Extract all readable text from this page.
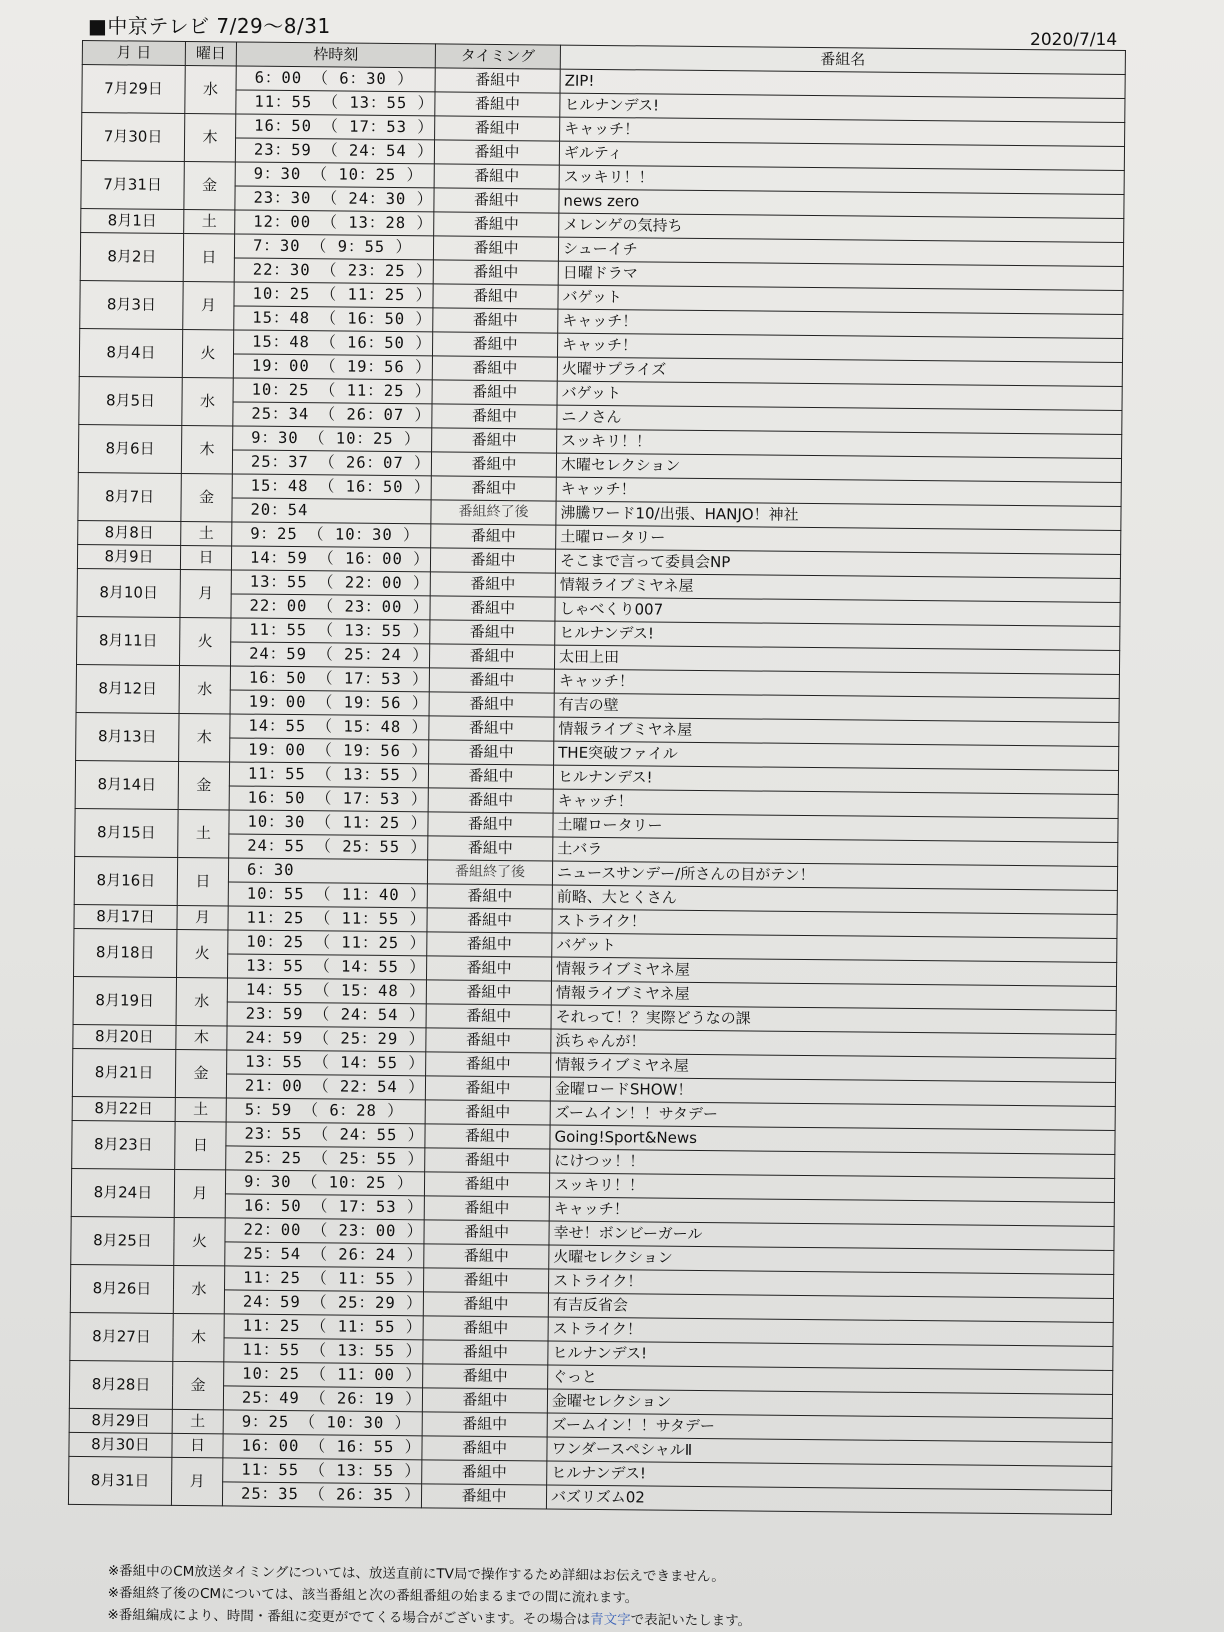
■中京テレビ 7/29～8/31
2020/7/14
月 日	曜日	枠時刻	タイミング	番組名
7月29日	水	6：00 （ 6：30 ）	番組中	ZIP!
		11：55 （ 13：55 ）	番組中	ヒルナンデス!
7月30日	木	16：50 （ 17：53 ）	番組中	キャッチ！
		23：59 （ 24：54 ）	番組中	ギルティ
7月31日	金	9：30 （ 10：25 ）	番組中	スッキリ！！
		23：30 （ 24：30 ）	番組中	news zero
8月1日	土	12：00 （ 13：28 ）	番組中	メレンゲの気持ち
8月2日	日	7：30 （ 9：55 ）	番組中	シューイチ
		22：30 （ 23：25 ）	番組中	日曜ドラマ
8月3日	月	10：25 （ 11：25 ）	番組中	バゲット
		15：48 （ 16：50 ）	番組中	キャッチ！
8月4日	火	15：48 （ 16：50 ）	番組中	キャッチ！
		19：00 （ 19：56 ）	番組中	火曜サプライズ
8月5日	水	10：25 （ 11：25 ）	番組中	バゲット
		25：34 （ 26：07 ）	番組中	ニノさん
8月6日	木	9：30 （ 10：25 ）	番組中	スッキリ！！
		25：37 （ 26：07 ）	番組中	木曜セレクション
8月7日	金	15：48 （ 16：50 ）	番組中	キャッチ！
		20：54	番組終了後	沸騰ワード10/出張、HANJO！神社
8月8日	土	9：25 （ 10：30 ）	番組中	土曜ロータリー
8月9日	日	14：59 （ 16：00 ）	番組中	そこまで言って委員会NP
8月10日	月	13：55 （ 22：00 ）	番組中	情報ライブミヤネ屋
		22：00 （ 23：00 ）	番組中	しゃべくり007
8月11日	火	11：55 （ 13：55 ）	番組中	ヒルナンデス!
		24：59 （ 25：24 ）	番組中	太田上田
8月12日	水	16：50 （ 17：53 ）	番組中	キャッチ！
		19：00 （ 19：56 ）	番組中	有吉の壁
8月13日	木	14：55 （ 15：48 ）	番組中	情報ライブミヤネ屋
		19：00 （ 19：56 ）	番組中	THE突破ファイル
8月14日	金	11：55 （ 13：55 ）	番組中	ヒルナンデス!
		16：50 （ 17：53 ）	番組中	キャッチ！
8月15日	土	10：30 （ 11：25 ）	番組中	土曜ロータリー
		24：55 （ 25：55 ）	番組中	土バラ
8月16日	日	6：30	番組終了後	ニュースサンデー/所さんの目がテン！
		10：55 （ 11：40 ）	番組中	前略、大とくさん
8月17日	月	11：25 （ 11：55 ）	番組中	ストライク！
8月18日	火	10：25 （ 11：25 ）	番組中	バゲット
		13：55 （ 14：55 ）	番組中	情報ライブミヤネ屋
8月19日	水	14：55 （ 15：48 ）	番組中	情報ライブミヤネ屋
		23：59 （ 24：54 ）	番組中	それって！？実際どうなの課
8月20日	木	24：59 （ 25：29 ）	番組中	浜ちゃんが！
8月21日	金	13：55 （ 14：55 ）	番組中	情報ライブミヤネ屋
		21：00 （ 22：54 ）	番組中	金曜ロードSHOW！
8月22日	土	5：59 （ 6：28 ）	番組中	ズームイン！！サタデー
8月23日	日	23：55 （ 24：55 ）	番組中	Going!Sport&News
		25：25 （ 25：55 ）	番組中	にけつッ！！
8月24日	月	9：30 （ 10：25 ）	番組中	スッキリ！！
		16：50 （ 17：53 ）	番組中	キャッチ！
8月25日	火	22：00 （ 23：00 ）	番組中	幸せ！ボンビーガール
		25：54 （ 26：24 ）	番組中	火曜セレクション
8月26日	水	11：25 （ 11：55 ）	番組中	ストライク！
		24：59 （ 25：29 ）	番組中	有吉反省会
8月27日	木	11：25 （ 11：55 ）	番組中	ストライク！
		11：55 （ 13：55 ）	番組中	ヒルナンデス!
8月28日	金	10：25 （ 11：00 ）	番組中	ぐっと
		25：49 （ 26：19 ）	番組中	金曜セレクション
8月29日	土	9：25 （ 10：30 ）	番組中	ズームイン！！サタデー
8月30日	日	16：00 （ 16：55 ）	番組中	ワンダースペシャルⅡ
8月31日	月	11：55 （ 13：55 ）	番組中	ヒルナンデス!
		25：35 （ 26：35 ）	番組中	バズリズム02
※番組中のCM放送タイミングについては、放送直前にTV局で操作するため詳細はお伝えできません。
※番組終了後のCMについては、該当番組と次の番組番組の始まるまでの間に流れます。
※番組編成により、時間・番組に変更がでてくる場合がございます。その場合は青文字で表記いたします。
